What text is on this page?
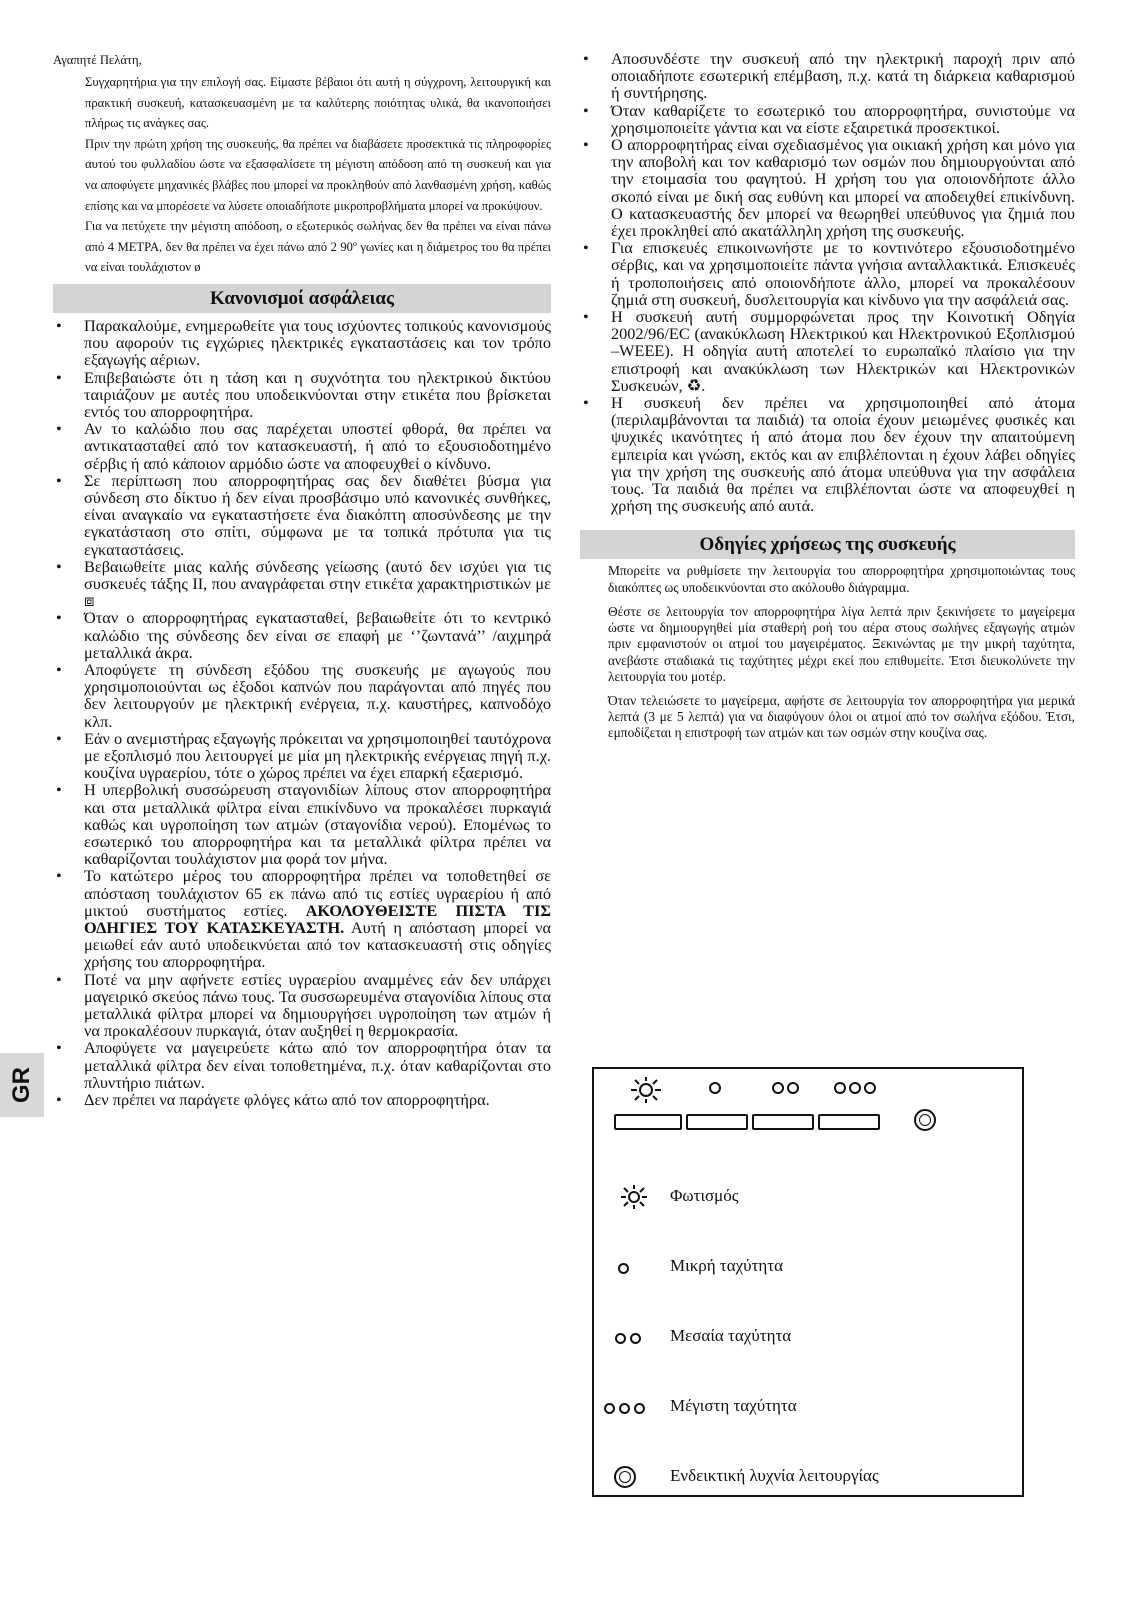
Αγαπητέ Πελάτη,

Συγχαρητήρια για την επιλογή σας. Είμαστε βέβαιοι ότι αυτή η σύγχρονη, λειτουργική και πρακτική συσκευή, κατασκευασμένη με τα καλύτερης ποιότητας υλικά, θα ικανοποιήσει πλήρως τις ανάγκες σας.

Πριν την πρώτη χρήση της συσκευής, θα πρέπει να διαβάσετε προσεκτικά τις πληροφορίες αυτού του φυλλαδίου ώστε να εξασφαλίσετε τη μέγιστη απόδοση από τη συσκευή και για να αποφύγετε μηχανικές βλάβες που μπορεί να προκληθούν από λανθασμένη χρήση, καθώς επίσης και να μπορέσετε να λύσετε οποιαδήποτε μικροπροβλήματα μπορεί να προκύψουν.

Για να πετύχετε την μέγιστη απόδοση, ο εξωτερικός σωλήνας δεν θα πρέπει να είναι πάνω από 4 ΜΕΤΡΑ, δεν θα πρέπει να έχει πάνω από 2 90º γωνίες και η διάμετρος του θα πρέπει να είναι τουλάχιστον ø

Κανονισμοί ασφάλειας
• Παρακαλούμε, ενημερωθείτε για τους ισχύοντες τοπικούς κανονισμούς που αφορούν τις εγχώριες ηλεκτρικές εγκαταστάσεις και τον τρόπο εξαγωγής αέριων.
• Επιβεβαιώστε ότι η τάση και η συχνότητα του ηλεκτρικού δικτύου ταιριάζουν με αυτές που υποδεικνύονται στην ετικέτα που βρίσκεται εντός του απορροφητήρα.
• Αν το καλώδιο που σας παρέχεται υποστεί φθορά, θα πρέπει να αντικατασταθεί από τον κατασκευαστή, ή από το εξουσιοδοτημένο σέρβις ή από κάποιον αρμόδιο ώστε να αποφευχθεί ο κίνδυνο.
• Σε περίπτωση που απορροφητήρας σας δεν διαθέτει βύσμα για σύνδεση στο δίκτυο ή δεν είναι προσβάσιμο υπό κανονικές συνθήκες, είναι αναγκαίο να εγκαταστήσετε ένα διακόπτη αποσύνδεσης με την εγκατάσταση στο σπίτι, σύμφωνα με τα τοπικά πρότυπα για τις εγκαταστάσεις.
• Βεβαιωθείτε μιας καλής σύνδεσης γείωσης (αυτό δεν ισχύει για τις συσκευές τάξης ΙΙ, που αναγράφεται στην ετικέτα χαρακτηριστικών με ⧈
• Όταν ο απορροφητήρας εγκατασταθεί, βεβαιωθείτε ότι το κεντρικό καλώδιο της σύνδεσης δεν είναι σε επαφή με ‘’ζωντανά’’ /αιχμηρά μεταλλικά άκρα.
• Αποφύγετε τη σύνδεση εξόδου της συσκευής με αγωγούς που χρησιμοποιούνται ως έξοδοι καπνών που παράγονται από πηγές που δεν λειτουργούν με ηλεκτρική ενέργεια, π.χ. καυστήρες, καπνοδόχο κλπ.
• Εάν ο ανεμιστήρας εξαγωγής πρόκειται να χρησιμοποιηθεί ταυτόχρονα με εξοπλισμό που λειτουργεί με μία μη ηλεκτρικής ενέργειας πηγή π.χ. κουζίνα υγραερίου, τότε ο χώρος πρέπει να έχει επαρκή εξαερισμό.
• Η υπερβολική συσσώρευση σταγονιδίων λίπους στον απορροφητήρα και στα μεταλλικά φίλτρα είναι επικίνδυνο να προκαλέσει πυρκαγιά καθώς και υγροποίηση των ατμών (σταγονίδια νερού). Επομένως το εσωτερικό του απορροφητήρα και τα μεταλλικά φίλτρα πρέπει να καθαρίζονται τουλάχιστον μια φορά τον μήνα.
• Το κατώτερο μέρος του απορροφητήρα πρέπει να τοποθετηθεί σε απόσταση τουλάχιστον 65 εκ πάνω από τις εστίες υγραερίου ή από μικτού συστήματος εστίες. ΑΚΟΛΟΥΘΕΙΣΤΕ ΠΙΣΤΑ ΤΙΣ ΟΔΗΓΙΕΣ ΤΟΥ ΚΑΤΑΣΚΕΥΑΣΤΗ. Αυτή η απόσταση μπορεί να μειωθεί εάν αυτό υποδεικνύεται από τον κατασκευαστή στις οδηγίες χρήσης του απορροφητήρα.
• Ποτέ να μην αφήνετε εστίες υγραερίου αναμμένες εάν δεν υπάρχει μαγειρικό σκεύος πάνω τους. Τα συσσωρευμένα σταγονίδια λίπους στα μεταλλικά φίλτρα μπορεί να δημιουργήσει υγροποίηση των ατμών ή να προκαλέσουν πυρκαγιά, όταν αυξηθεί η θερμοκρασία.
• Αποφύγετε να μαγειρεύετε κάτω από τον απορροφητήρα όταν τα μεταλλικά φίλτρα δεν είναι τοποθετημένα, π.χ. όταν καθαρίζονται στο πλυντήριο πιάτων.
• Δεν πρέπει να παράγετε φλόγες κάτω από τον απορροφητήρα.
• Αποσυνδέστε την συσκευή από την ηλεκτρική παροχή πριν από οποιαδήποτε εσωτερική επέμβαση, π.χ. κατά τη διάρκεια καθαρισμού ή συντήρησης.
• Όταν καθαρίζετε το εσωτερικό του απορροφητήρα, συνιστούμε να χρησιμοποιείτε γάντια και να είστε εξαιρετικά προσεκτικοί.
• Ο απορροφητήρας είναι σχεδιασμένος για οικιακή χρήση και μόνο για την αποβολή και τον καθαρισμό των οσμών που δημιουργούνται από την ετοιμασία του φαγητού. Η χρήση του για οποιονδήποτε άλλο σκοπό είναι με δική σας ευθύνη και μπορεί να αποδειχθεί επικίνδυνη. Ο κατασκευαστής δεν μπορεί να θεωρηθεί υπεύθυνος για ζημιά που έχει προκληθεί από ακατάλληλη χρήση της συσκευής.
• Για επισκευές επικοινωνήστε με το κοντινότερο εξουσιοδοτημένο σέρβις, και να χρησιμοποιείτε πάντα γνήσια ανταλλακτικά. Επισκευές ή τροποποιήσεις από οποιονδήποτε άλλο, μπορεί να προκαλέσουν ζημιά στη συσκευή, δυσλειτουργία και κίνδυνο για την ασφάλειά σας.
• Η συσκευή αυτή συμμορφώνεται προς την Κοινοτική Οδηγία 2002/96/ΕC (ανακύκλωση Ηλεκτρικού και Ηλεκτρονικού Εξοπλισμού –WEEE). Η οδηγία αυτή αποτελεί το ευρωπαϊκό πλαίσιο για την επιστροφή και ανακύκλωση των Ηλεκτρικών και Ηλεκτρονικών Συσκευών, ♻.
• Η συσκευή δεν πρέπει να χρησιμοποιηθεί από άτομα (περιλαμβάνονται τα παιδιά) τα οποία έχουν μειωμένες φυσικές και ψυχικές ικανότητες ή από άτομα που δεν έχουν την απαιτούμενη εμπειρία και γνώση, εκτός και αν επιβλέπονται η έχουν λάβει οδηγίες για την χρήση της συσκευής από άτομα υπεύθυνα για την ασφάλεια τους. Τα παιδιά θα πρέπει να επιβλέπονται ώστε να αποφευχθεί η χρήση της συσκευής από αυτά.
Οδηγίες χρήσεως της συσκευής

Μπορείτε να ρυθμίσετε την λειτουργία του απορροφητήρα χρησιμοποιώντας τους διακόπτες ως υποδεικνύονται στο ακόλουθο διάγραμμα.

Θέστε σε λειτουργία τον απορροφητήρα λίγα λεπτά πριν ξεκινήσετε το μαγείρεμα ώστε να δημιουργηθεί μία σταθερή ροή του αέρα στους σωλήνες εξαγωγής ατμών πριν εμφανιστούν οι ατμοί του μαγειρέματος. Ξεκινώντας με την μικρή ταχύτητα, ανεβάστε σταδιακά τις ταχύτητες μέχρι εκεί που επιθυμείτε. Έτσι διευκολύνετε την λειτουργία του μοτέρ.

Όταν τελειώσετε το μαγείρεμα, αφήστε σε λειτουργία τον απορροφητήρα για μερικά λεπτά (3 με 5 λεπτά) για να διαφύγουν όλοι οι ατμοί από τον σωλήνα εξόδου. Έτσι, εμποδίζεται η επιστροφή των ατμών και των οσμών στην κουζίνα σας.

Φωτισμός
Μικρή ταχύτητα
Μεσαία ταχύτητα
Μέγιστη ταχύτητα
Ενδεικτική λυχνία λειτουργίας
GR
